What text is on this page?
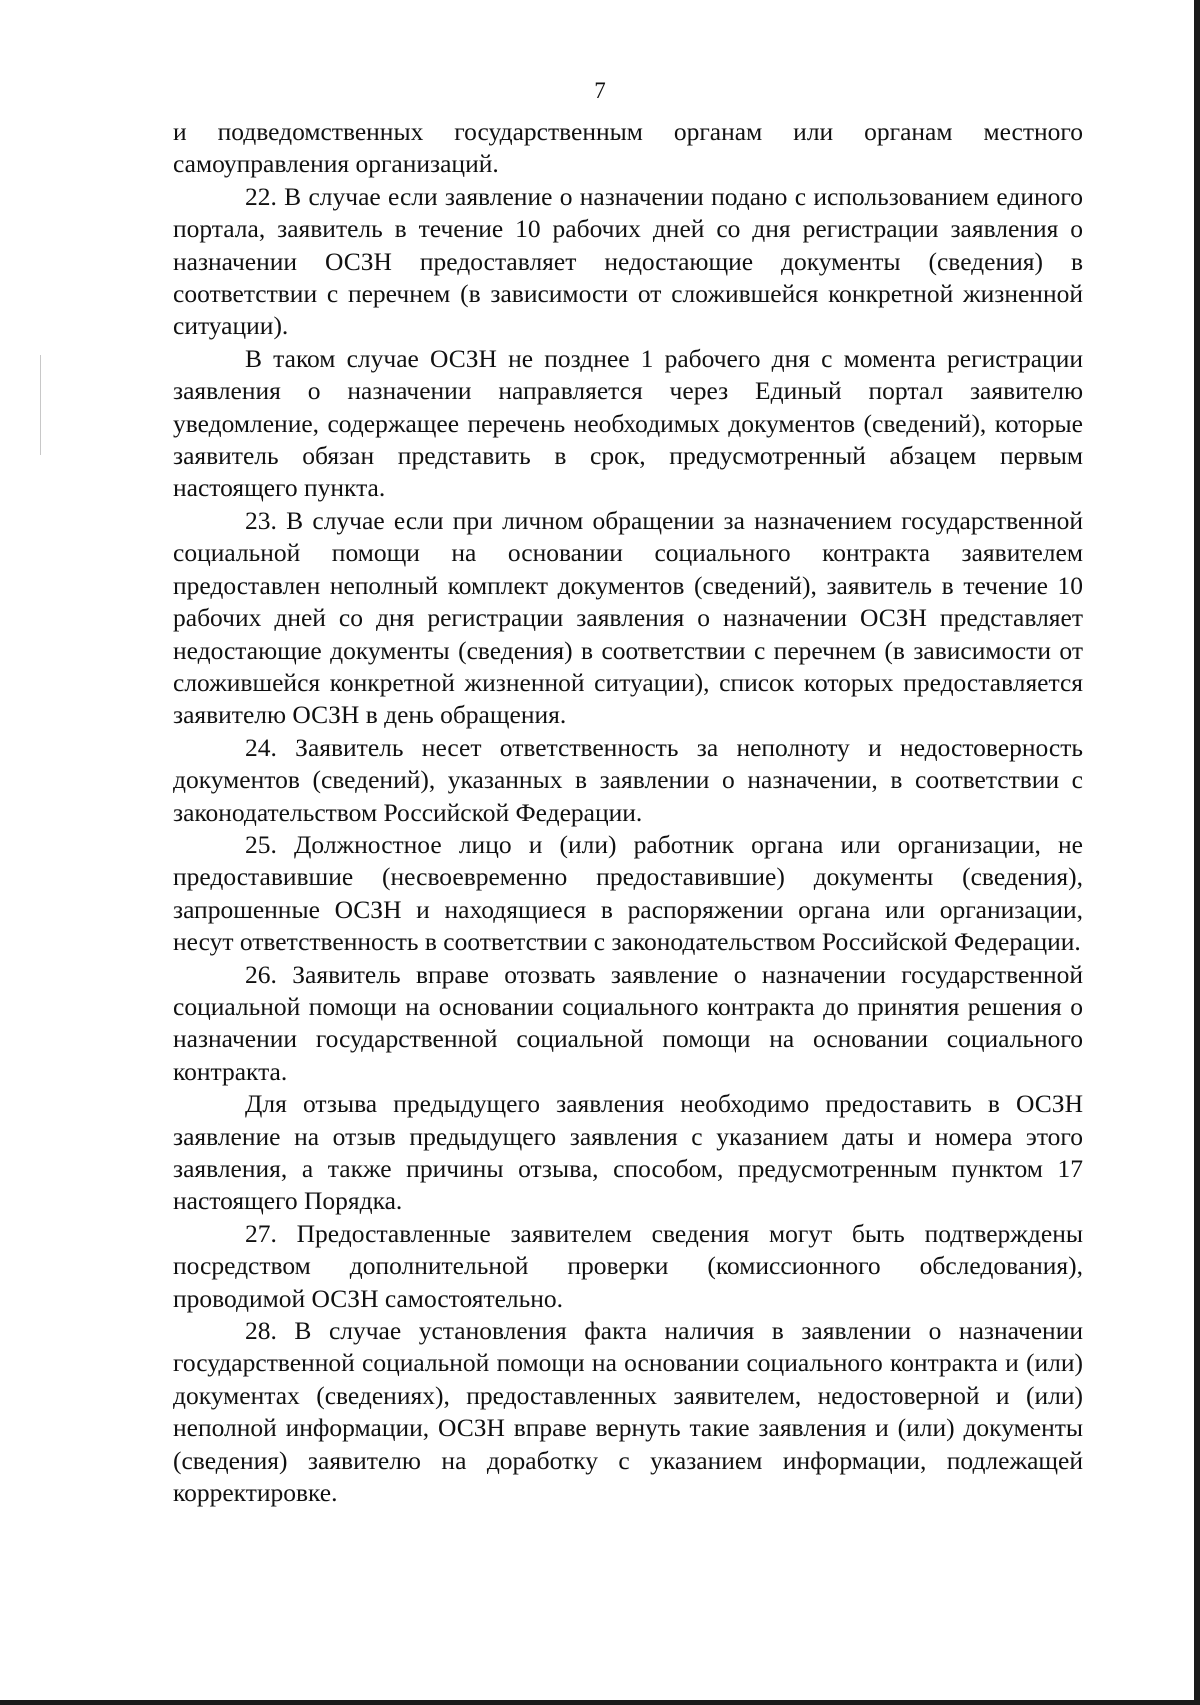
7

и подведомственных государственным органам или органам местного самоуправления организаций.

22. В случае если заявление о назначении подано с использованием единого портала, заявитель в течение 10 рабочих дней со дня регистрации заявления о назначении ОСЗН предоставляет недостающие документы (сведения) в соответствии с перечнем (в зависимости от сложившейся конкретной жизненной ситуации).

В таком случае ОСЗН не позднее 1 рабочего дня с момента регистрации заявления о назначении направляется через Единый портал заявителю уведомление, содержащее перечень необходимых документов (сведений), которые заявитель обязан представить в срок, предусмотренный абзацем первым настоящего пункта.

23. В случае если при личном обращении за назначением государственной социальной помощи на основании социального контракта заявителем предоставлен неполный комплект документов (сведений), заявитель в течение 10 рабочих дней со дня регистрации заявления о назначении ОСЗН представляет недостающие документы (сведения) в соответствии с перечнем (в зависимости от сложившейся конкретной жизненной ситуации), список которых предоставляется заявителю ОСЗН в день обращения.

24. Заявитель несет ответственность за неполноту и недостоверность документов (сведений), указанных в заявлении о назначении, в соответствии с законодательством Российской Федерации.

25. Должностное лицо и (или) работник органа или организации, не предоставившие (несвоевременно предоставившие) документы (сведения), запрошенные ОСЗН и находящиеся в распоряжении органа или организации, несут ответственность в соответствии с законодательством Российской Федерации.

26. Заявитель вправе отозвать заявление о назначении государственной социальной помощи на основании социального контракта до принятия решения о назначении государственной социальной помощи на основании социального контракта.

Для отзыва предыдущего заявления необходимо предоставить в ОСЗН заявление на отзыв предыдущего заявления с указанием даты и номера этого заявления, а также причины отзыва, способом, предусмотренным пунктом 17 настоящего Порядка.

27. Предоставленные заявителем сведения могут быть подтверждены посредством дополнительной проверки (комиссионного обследования), проводимой ОСЗН самостоятельно.

28. В случае установления факта наличия в заявлении о назначении государственной социальной помощи на основании социального контракта и (или) документах (сведениях), предоставленных заявителем, недостоверной и (или) неполной информации, ОСЗН вправе вернуть такие заявления и (или) документы (сведения) заявителю на доработку с указанием информации, подлежащей корректировке.
